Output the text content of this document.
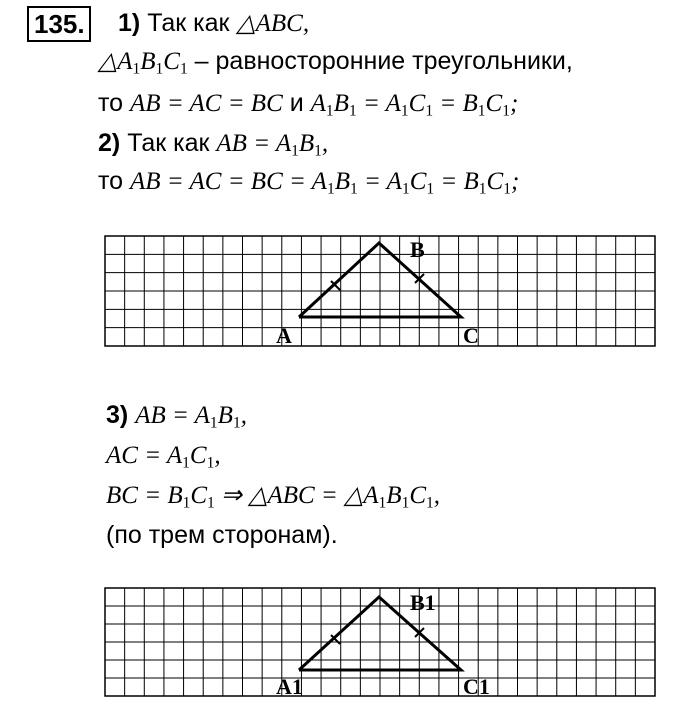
135. 1) Так как △ABC,
$\triangle A_1B_1C_1$ – равносторонние треугольники,
то AB = AC = BC и $A_1B_1 = A_1C_1 = B_1C_1$;
2) Так как AB = $A_1B_1$,
то AB = AC = BC = $A_1B_1 = A_1C_1 = B_1C_1$;
3) AB = $A_1B_1$,
AC = $A_1C_1$,
BC = $B_1C_1$ ⇒ △ABC = $\triangle A_1B_1C_1$,
(по трем сторонам).
A
B
C
A1
B1
C1
